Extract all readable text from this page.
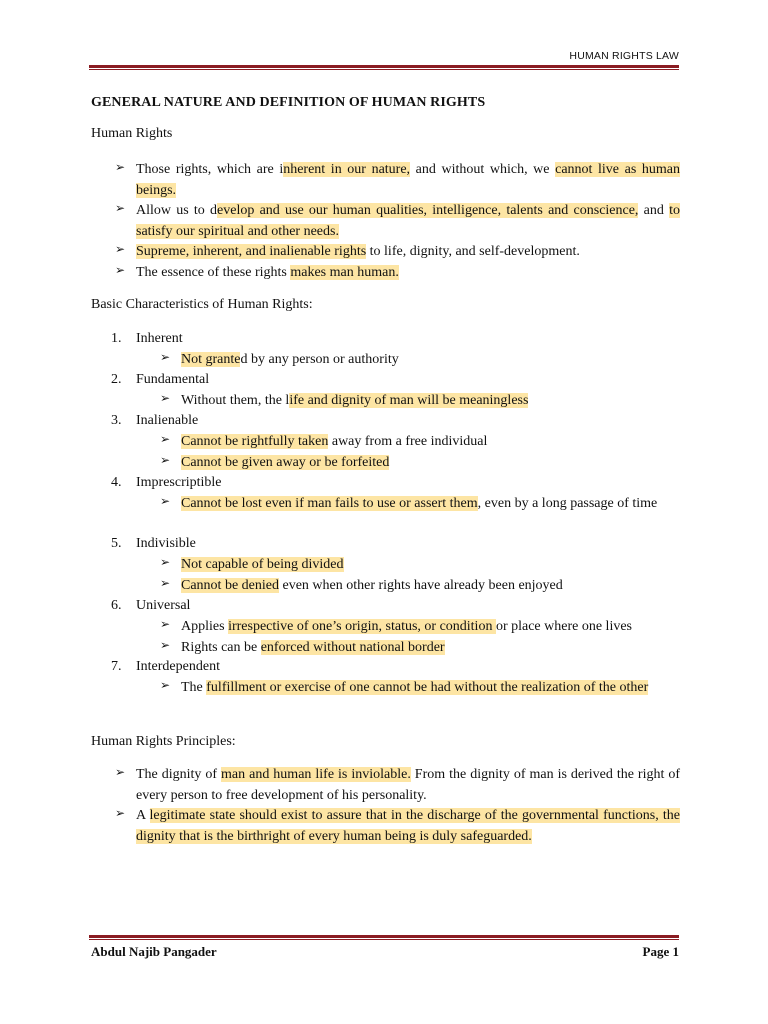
HUMAN RIGHTS LAW
GENERAL NATURE AND DEFINITION OF HUMAN RIGHTS
Human Rights
➢ Those rights, which are inherent in our nature, and without which, we cannot live as human beings.
➢ Allow us to develop and use our human qualities, intelligence, talents and conscience, and to satisfy our spiritual and other needs.
➢ Supreme, inherent, and inalienable rights to life, dignity, and self-development.
➢ The essence of these rights makes man human.
Basic Characteristics of Human Rights:
1. Inherent
➢ Not granted by any person or authority
2. Fundamental
➢ Without them, the life and dignity of man will be meaningless
3. Inalienable
➢ Cannot be rightfully taken away from a free individual
➢ Cannot be given away or be forfeited
4. Imprescriptible
➢ Cannot be lost even if man fails to use or assert them, even by a long passage of time
5. Indivisible
➢ Not capable of being divided
➢ Cannot be denied even when other rights have already been enjoyed
6. Universal
➢ Applies irrespective of one’s origin, status, or condition or place where one lives
➢ Rights can be enforced without national border
7. Interdependent
➢ The fulfillment or exercise of one cannot be had without the realization of the other
Human Rights Principles:
➢ The dignity of man and human life is inviolable. From the dignity of man is derived the right of every person to free development of his personality.
➢ A legitimate state should exist to assure that in the discharge of the governmental functions, the dignity that is the birthright of every human being is duly safeguarded.
Abdul Najib Pangader	Page 1
